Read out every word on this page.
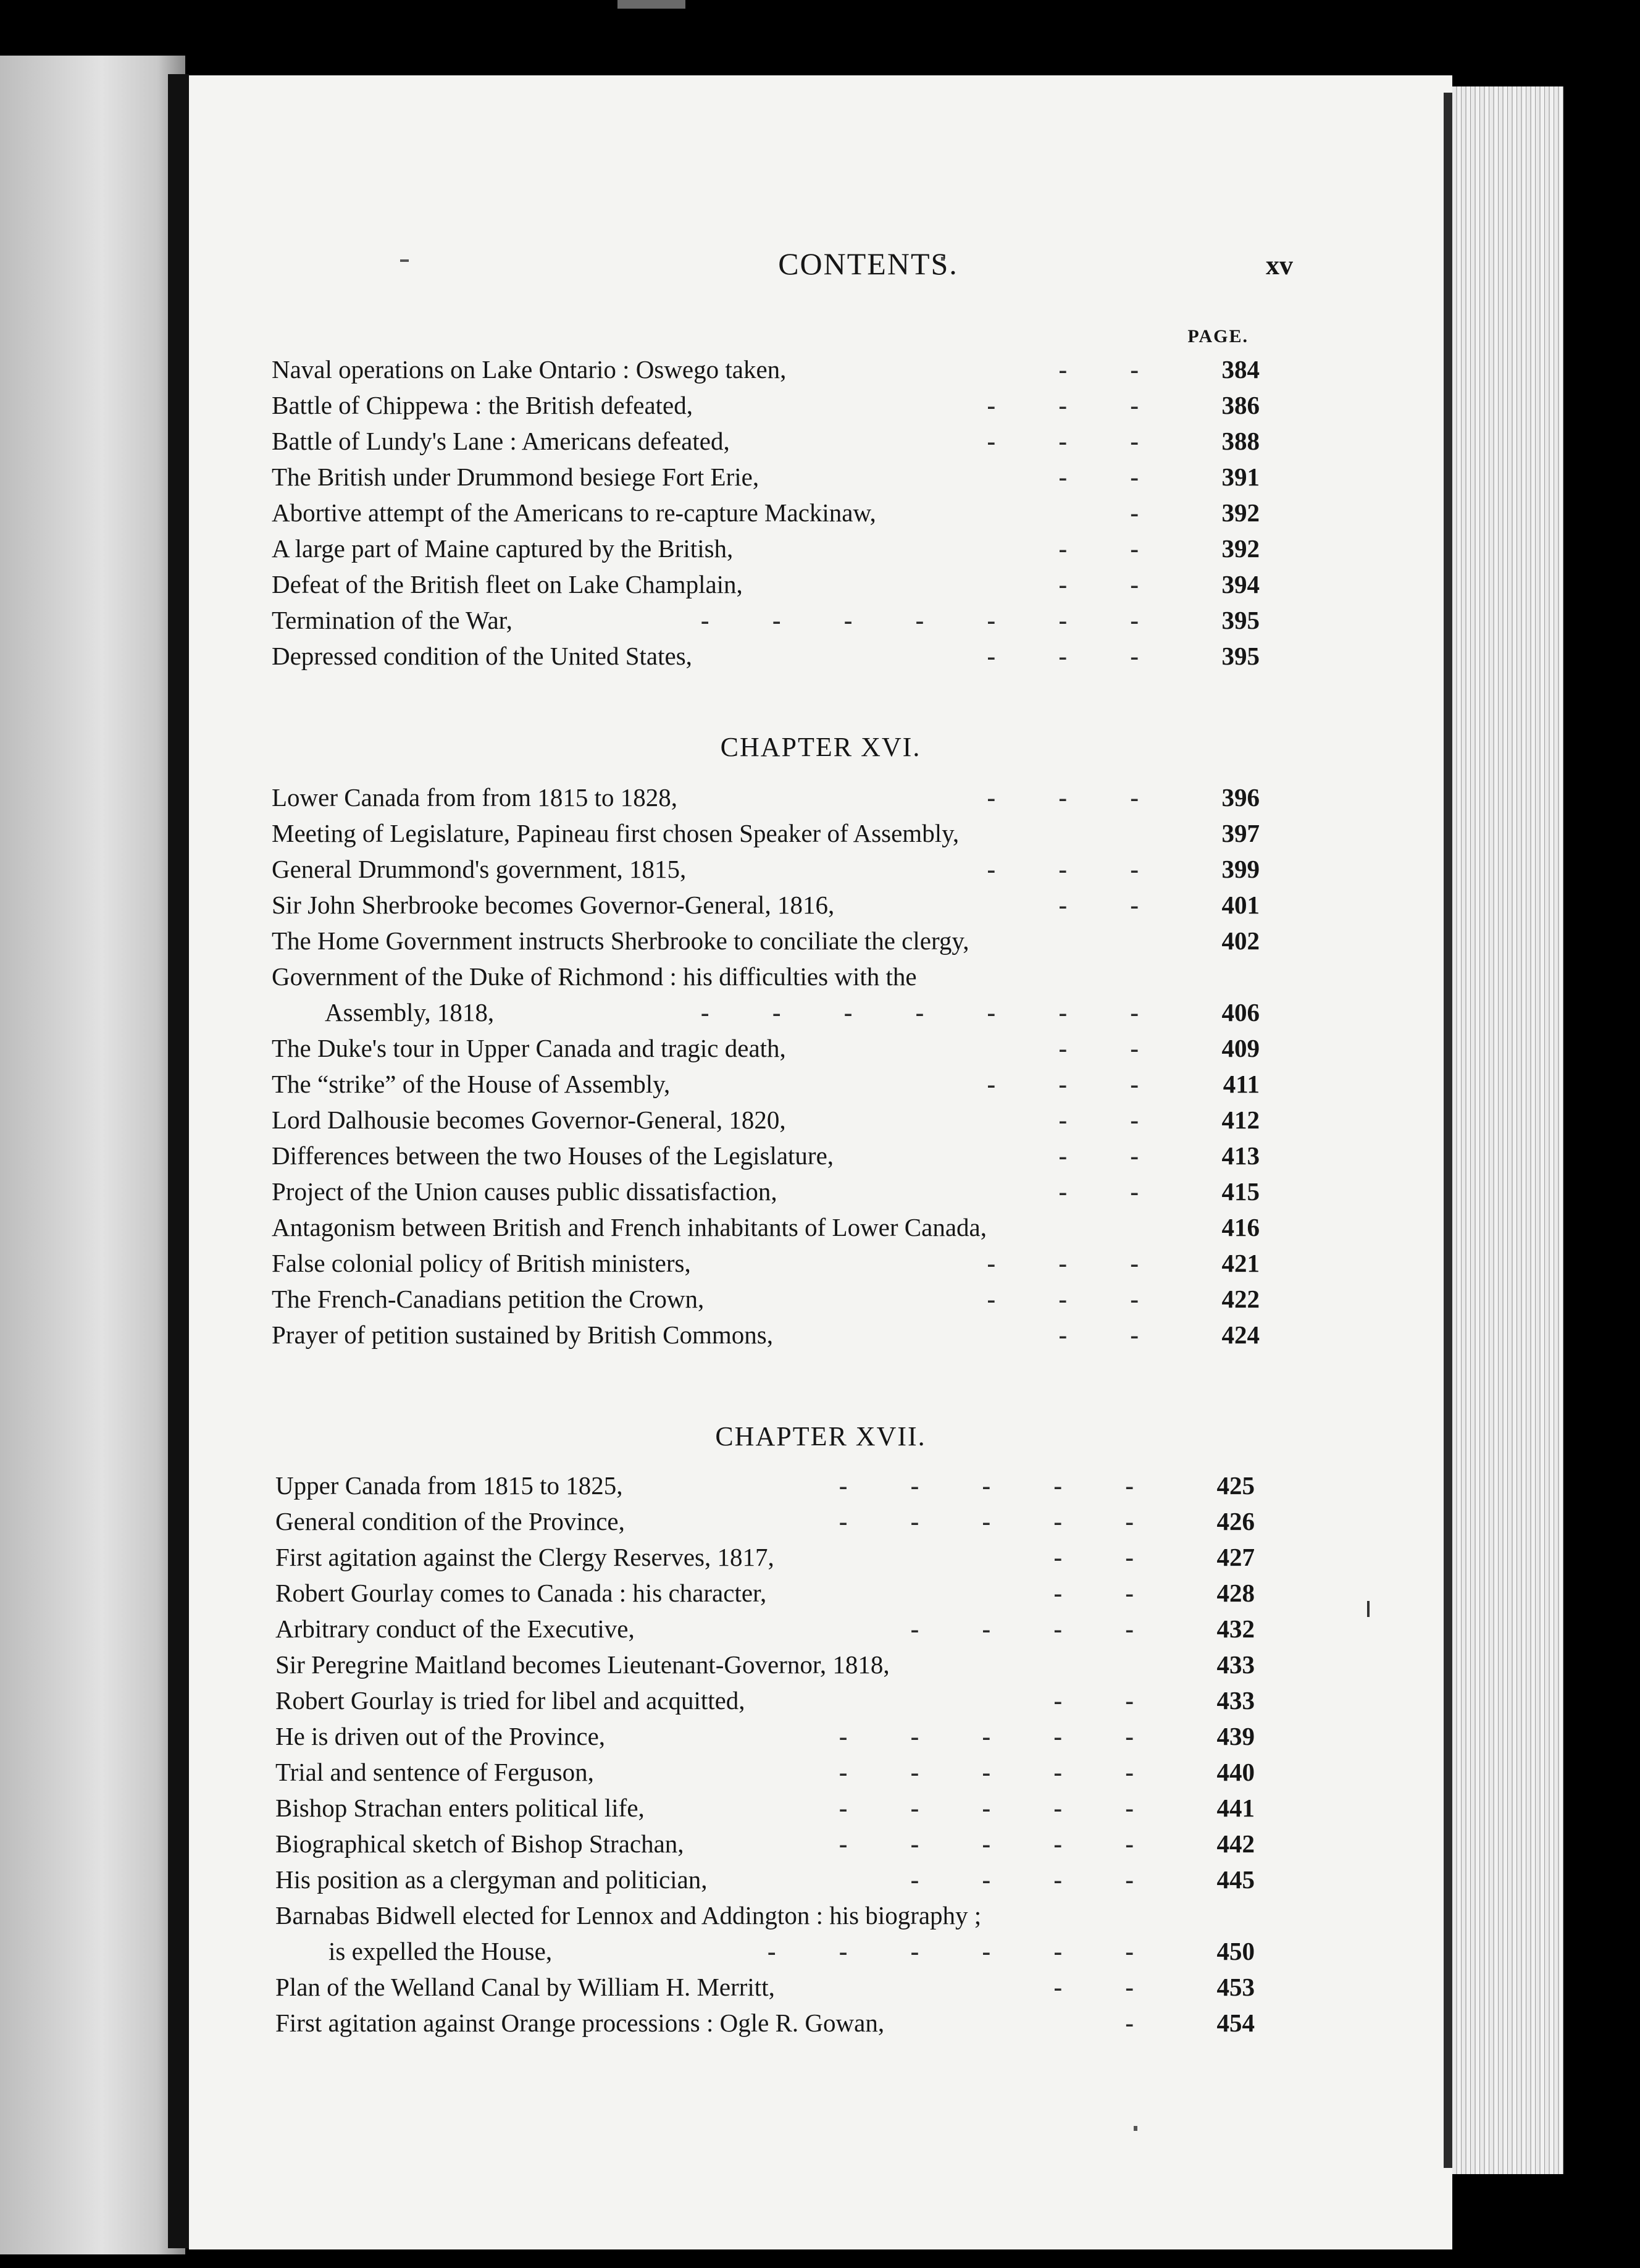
CONTENTS.	xv
PAGE.
Naval operations on Lake Ontario : Oswego taken,	- -	384
Battle of Chippewa : the British defeated,	- - -	386
Battle of Lundy's Lane : Americans defeated,	- - -	388
The British under Drummond besiege Fort Erie,	- -	391
Abortive attempt of the Americans to re-capture Mackinaw,	-	392
A large part of Maine captured by the British,	- -	392
Defeat of the British fleet on Lake Champlain,	- -	394
Termination of the War,	- - - - - - -	395
Depressed condition of the United States,	- - -	395
CHAPTER XVI.
Lower Canada from from 1815 to 1828,	- - -	396
Meeting of Legislature, Papineau first chosen Speaker of Assembly,	397
General Drummond's government, 1815,	- - -	399
Sir John Sherbrooke becomes Governor-General, 1816,	- -	401
The Home Government instructs Sherbrooke to conciliate the clergy,	402
Government of the Duke of Richmond : his difficulties with the
Assembly, 1818,	- - - - - - -	406
The Duke's tour in Upper Canada and tragic death,	- -	409
The “strike” of the House of Assembly,	- - -	411
Lord Dalhousie becomes Governor-General, 1820,	- -	412
Differences between the two Houses of the Legislature,	- -	413
Project of the Union causes public dissatisfaction,	- -	415
Antagonism between British and French inhabitants of Lower Canada,	416
False colonial policy of British ministers,	- - -	421
The French-Canadians petition the Crown,	- - -	422
Prayer of petition sustained by British Commons,	- -	424
CHAPTER XVII.
Upper Canada from 1815 to 1825,	- - - - -	425
General condition of the Province,	- - - - -	426
First agitation against the Clergy Reserves, 1817,	- -	427
Robert Gourlay comes to Canada : his character,	- -	428
Arbitrary conduct of the Executive,	- - - -	432
Sir Peregrine Maitland becomes Lieutenant-Governor, 1818,	433
Robert Gourlay is tried for libel and acquitted,	- -	433
He is driven out of the Province,	- - - - -	439
Trial and sentence of Ferguson,	- - - - -	440
Bishop Strachan enters political life,	- - - - -	441
Biographical sketch of Bishop Strachan,	- - - - -	442
His position as a clergyman and politician,	- - - -	445
Barnabas Bidwell elected for Lennox and Addington : his biography ;
is expelled the House,	- - - - - -	450
Plan of the Welland Canal by William H. Merritt,	- -	453
First agitation against Orange processions : Ogle R. Gowan,	-	454
